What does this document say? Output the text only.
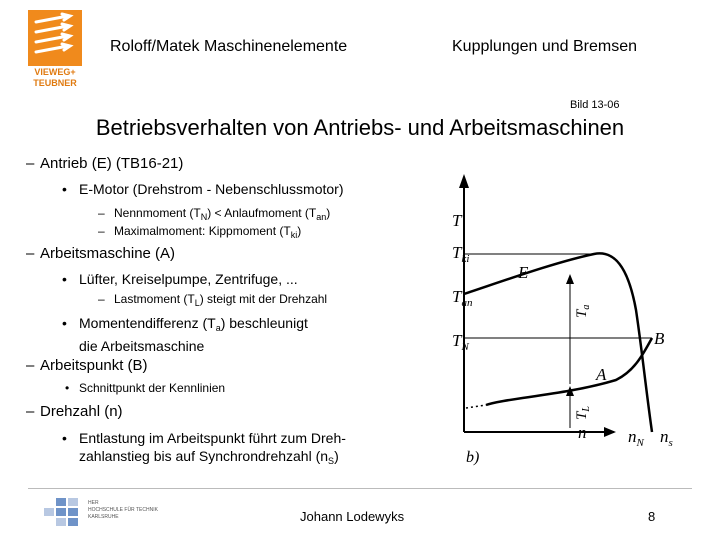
VIEWEG+
TEUBNER
Roloff/Matek Maschinenelemente	Kupplungen und Bremsen
Bild 13-06
Betriebsverhalten von Antriebs- und Arbeitsmaschinen
– Antrieb (E) (TB16-21)
• E-Motor (Drehstrom - Nebenschlussmotor)
– Nennmoment $(T_N)$ < Anlaufmoment $(T_{an})$
– Maximalmoment: Kippmoment $(T_{ki})$
– Arbeitsmaschine (A)
• Lüfter, Kreiselpumpe, Zentrifuge, ...
– Lastmoment $(T_L)$ steigt mit der Drehzahl
• Momentendifferenz $(T_a)$ beschleunigt
die Arbeitsmaschine
– Arbeitspunkt (B)
• Schnittpunkt der Kennlinien
– Drehzahl (n)
• Entlastung im Arbeitspunkt führt zum Dreh-
zahlanstieg bis auf Synchrondrehzahl $(n_S)$
T
$T_{ki}$
$T_{an}$
$T_N$
E
A
B
$T_a$
$T_L$
n $n_N$ $n_s$
b)
HER
HOCHSCHULE FÜR TECHNIK
KARLSRUHE	Johann Lodewyks	8
